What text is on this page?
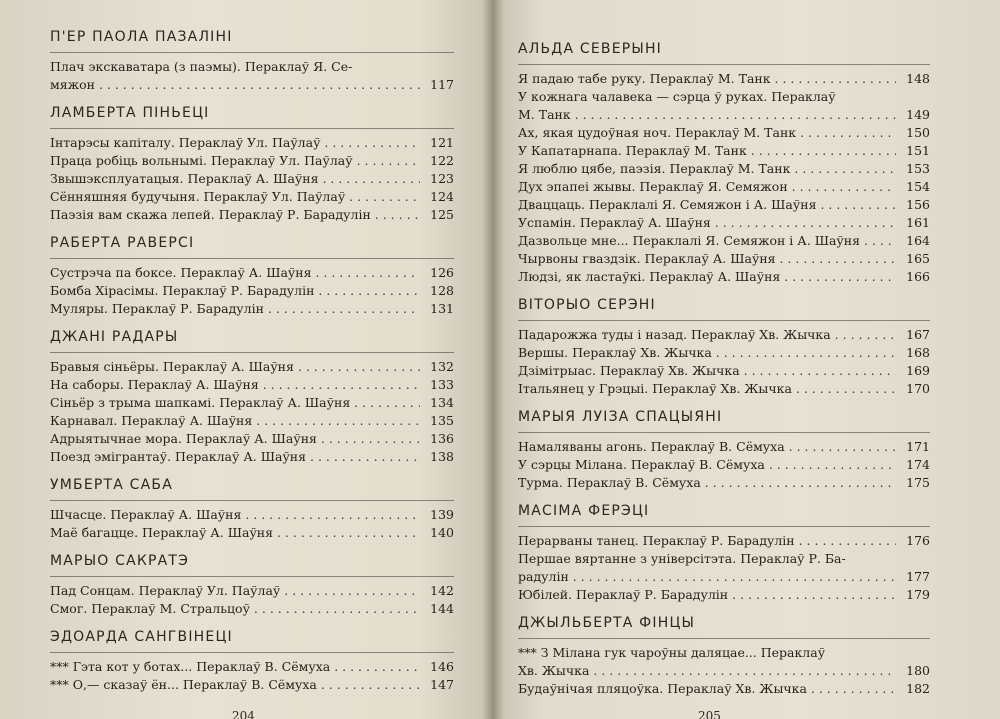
П'ЕР ПАОЛА ПАЗАЛІНІ
Плач экскаватара (з паэмы). Пераклаў Я. Се-
мяжон . . .	117
ЛАМБЕРТА ПІНЬЕЦІ
Інтарэсы капіталу. Пераклаў Ул. Паўлаў . . .	121
Праца робіць вольнымі. Пераклаў Ул. Паўлаў . . .	122
Звышэксплуатацыя. Пераклаў А. Шаўня . . .	123
Сённяшняя будучыня. Пераклаў Ул. Паўлаў . . .	124
Паэзія вам скажа лепей. Пераклаў Р. Барадулін . . .	125
РАБЕРТА РАВЕРСІ
Сустрэча па боксе. Пераклаў А. Шаўня . . .	126
Бомба Хірасімы. Пераклаў Р. Барадулін . . .	128
Муляры. Пераклаў Р. Барадулін . . .	131
ДЖАНІ РАДАРЫ
Бравыя сіньёры. Пераклаў А. Шаўня . . .	132
На саборы. Пераклаў А. Шаўня . . .	133
Сіньёр з трыма шапкамі. Пераклаў А. Шаўня . . .	134
Карнавал. Пераклаў А. Шаўня . . .	135
Адрыятычнае мора. Пераклаў А. Шаўня . . .	136
Поезд эмігрантаў. Пераклаў А. Шаўня . . .	138
УМБЕРТА САБА
Шчасце. Пераклаў А. Шаўня . . .	139
Маё багацце. Пераклаў А. Шаўня . . .	140
МАРЫО САКРАТЭ
Пад Сонцам. Пераклаў Ул. Паўлаў . . .	142
Смог. Пераклаў М. Стральцоў . . .	144
ЭДОАРДА САНГВІНЕЦІ
*** Гэта кот у ботах... Пераклаў В. Сёмуха . . .	146
*** О,— сказаў ён... Пераклаў В. Сёмуха . . .	147
204
АЛЬДА СЕВЕРЫНІ
Я падаю табе руку. Пераклаў М. Танк . . .	148
У кожнага чалавека — сэрца ў руках. Пераклаў
М. Танк . . .	149
Ах, якая цудоўная ноч. Пераклаў М. Танк . . .	150
У Капатарнапа. Пераклаў М. Танк . . .	151
Я люблю цябе, паэзія. Пераклаў М. Танк . . .	153
Дух эпапеі жывы. Пераклаў Я. Семяжон . . .	154
Дваццаць. Пераклалі Я. Семяжон і А. Шаўня . . .	156
Успамін. Пераклаў А. Шаўня . . .	161
Дазвольце мне... Пераклалі Я. Семяжон і А. Шаўня . . .	164
Чырвоны гваздзік. Пераклаў А. Шаўня . . .	165
Людзі, як ластаўкі. Пераклаў А. Шаўня . . .	166
ВІТОРЫО СЕРЭНІ
Падарожжа туды і назад. Пераклаў Хв. Жычка . . .	167
Вершы. Пераклаў Хв. Жычка . . .	168
Дзімітрыас. Пераклаў Хв. Жычка . . .	169
Італьянец у Грэцыі. Пераклаў Хв. Жычка . . .	170
МАРЫЯ ЛУІЗА СПАЦЫЯНІ
Намаляваны агонь. Пераклаў В. Сёмуха . . .	171
У сэрцы Мілана. Пераклаў В. Сёмуха . . .	174
Турма. Пераклаў В. Сёмуха . . .	175
МАСІМА ФЕРЭЦІ
Перарваны танец. Пераклаў Р. Барадулін . . .	176
Першае вяртанне з універсітэта. Пераклаў Р. Ба-
радулін . . .	177
Юбілей. Пераклаў Р. Барадулін . . .	179
ДЖЫЛЬБЕРТА ФІНЦЫ
*** З Мілана гук чароўны даляцае... Пераклаў
Хв. Жычка . . .	180
Будаўнічая пляцоўка. Пераклаў Хв. Жычка . . .	182
205
